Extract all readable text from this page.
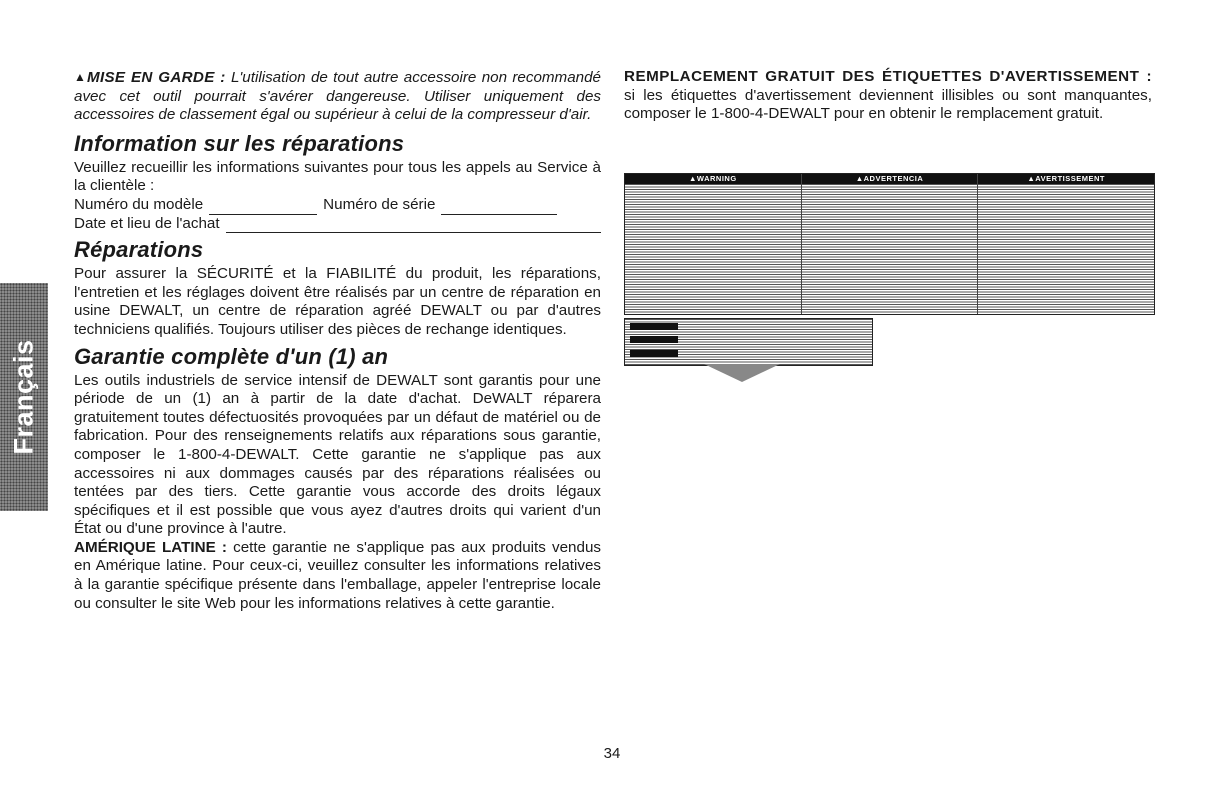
Français

▲MISE EN GARDE : L'utilisation de tout autre accessoire non recommandé avec cet outil pourrait s'avérer dangereuse. Utiliser uniquement des accessoires de classement égal ou supérieur à celui de la compresseur d'air.

Information sur les réparations

Veuillez recueillir les informations suivantes pour tous les appels au Service à la clientèle :

Numéro du modèle	Numéro de série
Date et lieu de l'achat
Réparations

Pour assurer la SÉCURITÉ et la FIABILITÉ du produit, les réparations, l'entretien et les réglages doivent être réalisés par un centre de réparation en usine DEWALT, un centre de réparation agréé DEWALT ou par d'autres techniciens qualifiés. Toujours utiliser des pièces de rechange identiques.

Garantie complète d'un (1) an

Les outils industriels de service intensif de DEWALT sont garantis pour une période de un (1) an à partir de la date d'achat. DeWALT réparera gratuitement toutes défectuosités provoquées par un défaut de matériel ou de fabrication. Pour des renseignements relatifs aux réparations sous garantie, composer le 1-800-4-DEWALT. Cette garantie ne s'applique pas aux accessoires ni aux dommages causés par des réparations réalisées ou tentées par des tiers. Cette garantie vous accorde des droits légaux spécifiques et il est possible que vous ayez d'autres droits qui varient d'un État ou d'une province à l'autre.

AMÉRIQUE LATINE : cette garantie ne s'applique pas aux produits vendus en Amérique latine. Pour ceux-ci, veuillez consulter les informations relatives à la garantie spécifique présente dans l'emballage, appeler l'entreprise locale ou consulter le site Web pour les informations relatives à cette garantie.

REMPLACEMENT GRATUIT DES ÉTIQUETTES D'AVERTISSEMENT : si les étiquettes d'avertissement deviennent illisibles ou sont manquantes, composer le 1-800-4-DEWALT pour en obtenir le remplacement gratuit.

▲WARNING	▲ADVERTENCIA	▲AVERTISSEMENT
34
